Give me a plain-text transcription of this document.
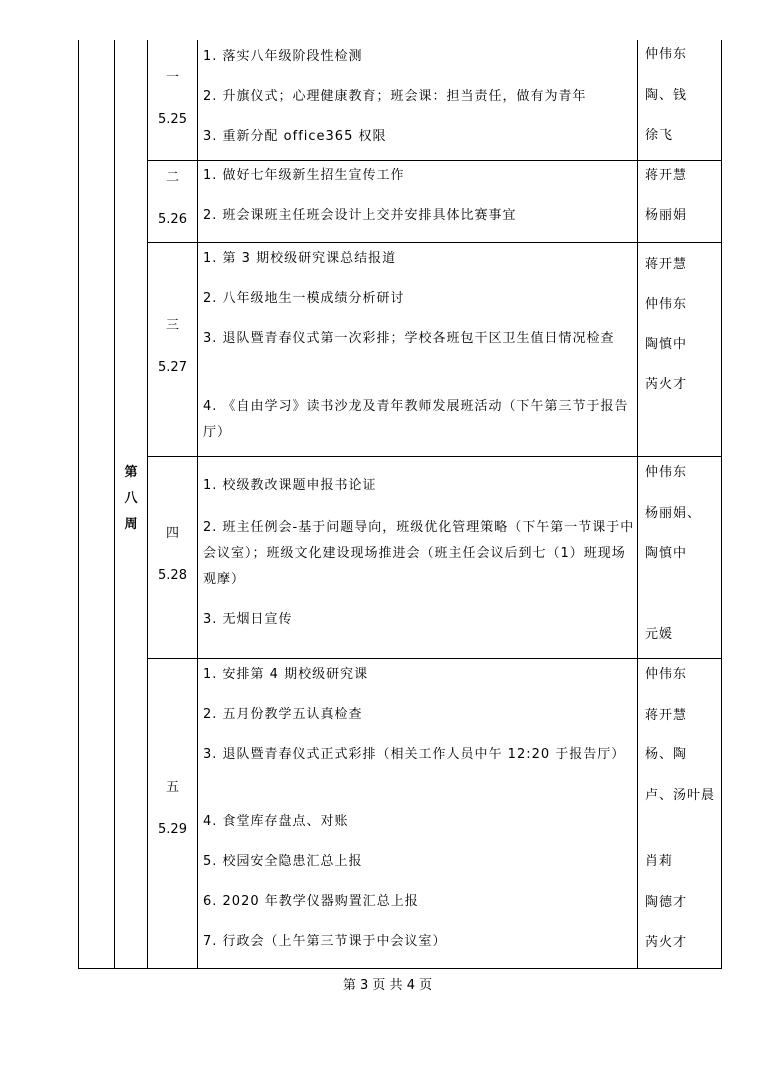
第
八
周
一
5.25
1. 落实八年级阶段性检测
2. 升旗仪式；心理健康教育；班会课：担当责任，做有为青年
3. 重新分配 office365 权限
仲伟东
陶、钱
徐飞
二
5.26
1. 做好七年级新生招生宣传工作
2. 班会课班主任班会设计上交并安排具体比赛事宜
蒋开慧
杨丽娟
三
5.27
1. 第 3 期校级研究课总结报道
2. 八年级地生一模成绩分析研讨
3. 退队暨青春仪式第一次彩排；学校各班包干区卫生值日情况检查
4. 《自由学习》读书沙龙及青年教师发展班活动（下午第三节于报告厅）
蒋开慧
仲伟东
陶慎中
芮火才
四
5.28
1. 校级教改课题申报书论证
2. 班主任例会-基于问题导向，班级优化管理策略（下午第一节课于中会议室）；班级文化建设现场推进会（班主任会议后到七（1）班现场观摩）
3. 无烟日宣传
仲伟东
杨丽娟、
陶慎中
元媛
五
5.29
1. 安排第 4 期校级研究课
2. 五月份教学五认真检查
3. 退队暨青春仪式正式彩排（相关工作人员中午 12:20 于报告厅）
4. 食堂库存盘点、对账
5. 校园安全隐患汇总上报
6. 2020 年教学仪器购置汇总上报
7. 行政会（上午第三节课于中会议室）
仲伟东
蒋开慧
杨、陶
卢、汤叶晨
肖莉
陶德才
芮火才
第 3 页 共 4 页
